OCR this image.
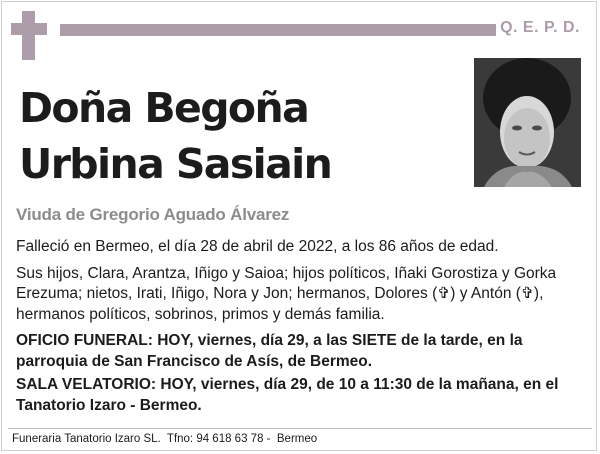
Q. E. P. D.
Doña Begoña
Urbina Sasiain
Viuda de Gregorio Aguado Álvarez

Falleció en Bermeo, el día 28 de abril de 2022, a los 86 años de edad.

Sus hijos, Clara, Arantza, Iñigo y Saioa; hijos políticos, Iñaki Gorostiza y Gorka Erezuma; nietos, Irati, Iñigo, Nora y Jon; hermanos, Dolores (✞) y Antón (✞), hermanos políticos, sobrinos, primos y demás familia.

OFICIO FUNERAL: HOY, viernes, día 29, a las SIETE de la tarde, en la parroquia de San Francisco de Asís, de Bermeo.

SALA VELATORIO: HOY, viernes, día 29, de 10 a 11:30 de la mañana, en el Tanatorio Izaro - Bermeo.

Funeraria Tanatorio Izaro SL.  Tfno: 94 618 63 78 -  Bermeo
